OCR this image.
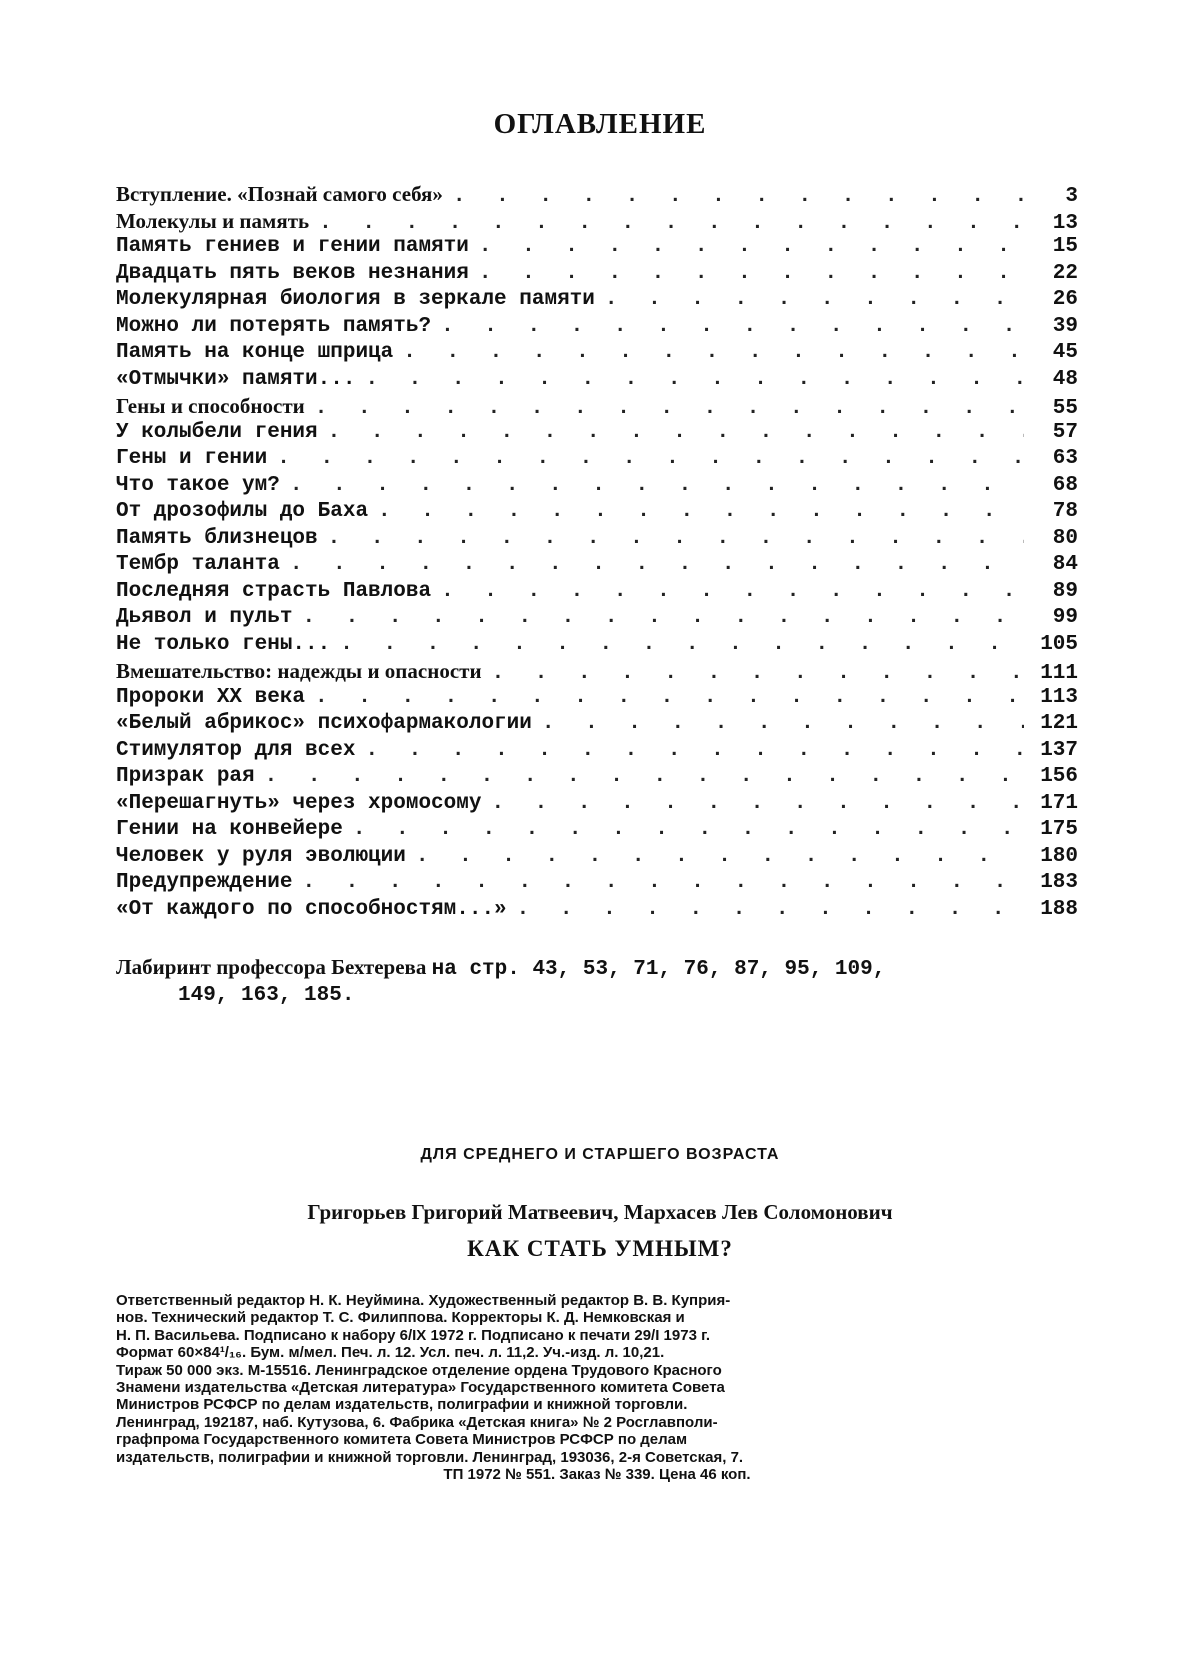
ОГЛАВЛЕНИЕ
Вступление. «Познай самого себя» . . .	3
Молекулы и память . . .	13
Память гениев и гении памяти . . .	15
Двадцать пять веков незнания . . .	22
Молекулярная биология в зеркале памяти . . .	26
Можно ли потерять память? . . .	39
Память на конце шприца . . .	45
«Отмычки» памяти... . . .	48
Гены и способности . . .	55
У колыбели гения . . .	57
Гены и гении . . .	63
Что такое ум? . . .	68
От дрозофилы до Баха . . .	78
Память близнецов . . .	80
Тембр таланта . . .	84
Последняя страсть Павлова . . .	89
Дьявол и пульт . . .	99
Не только гены... . . .	105
Вмешательство: надежды и опасности . . .	111
Пророки XX века . . .	113
«Белый абрикос» психофармакологии . . .	121
Стимулятор для всех . . .	137
Призрак рая . . .	156
«Перешагнуть» через хромосому . . .	171
Гении на конвейере . . .	175
Человек у руля эволюции . . .	180
Предупреждение . . .	183
«От каждого по способностям...» . . .	188
Лабиринт профессора Бехтерева на стр. 43, 53, 71, 76, 87, 95, 109,
149, 163, 185.
ДЛЯ СРЕДНЕГО И СТАРШЕГО ВОЗРАСТА
Григорьев Григорий Матвеевич, Мархасев Лев Соломонович
КАК СТАТЬ УМНЫМ?
Ответственный редактор Н. К. Неуймина. Художественный редактор В. В. Куприя-
нов. Технический редактор Т. С. Филиппова. Корректоры К. Д. Немковская и
Н. П. Васильева. Подписано к набору 6/IX 1972 г. Подписано к печати 29/I 1973 г.
Формат 60×84¹/₁₆. Бум. м/мел. Печ. л. 12. Усл. печ. л. 11,2. Уч.-изд. л. 10,21.
Тираж 50 000 экз. М-15516. Ленинградское отделение ордена Трудового Красного
Знамени издательства «Детская литература» Государственного комитета Совета
Министров РСФСР по делам издательств, полиграфии и книжной торговли.
Ленинград, 192187, наб. Кутузова, 6. Фабрика «Детская книга» № 2 Росглавполи-
графпрома Государственного комитета Совета Министров РСФСР по делам
издательств, полиграфии и книжной торговли. Ленинград, 193036, 2-я Советская, 7.
ТП 1972 № 551. Заказ № 339. Цена 46 коп.
